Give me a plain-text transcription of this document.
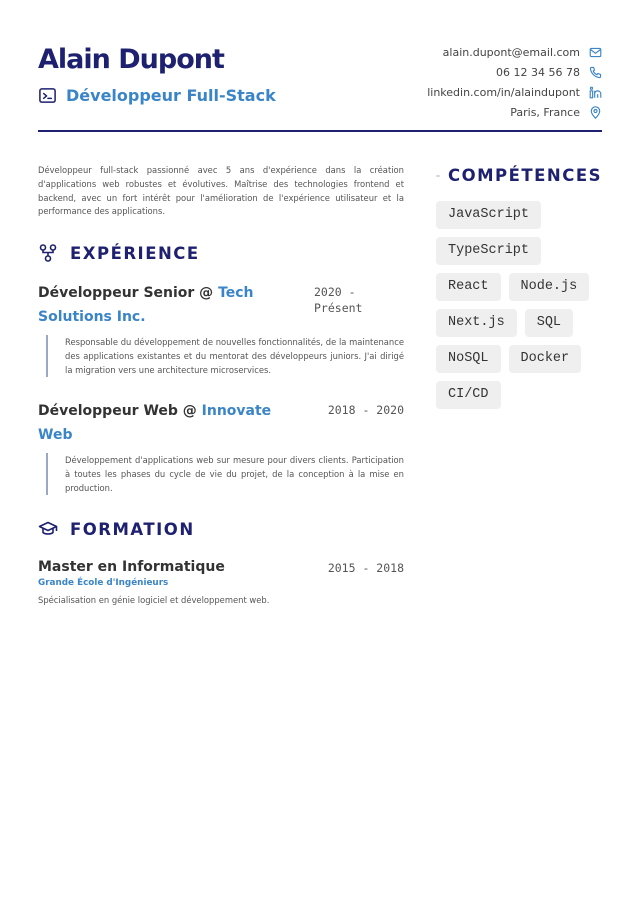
Alain Dupont
Développeur Full-Stack
alain.dupont@email.com
06 12 34 56 78
linkedin.com/in/alaindupont
Paris, France

Développeur full-stack passionné avec 5 ans d'expérience dans la création d'applications web robustes et évolutives. Maîtrise des technologies frontend et backend, avec un fort intérêt pour l'amélioration de l'expérience utilisateur et la performance des applications.

EXPÉRIENCE
Développeur Senior @ Tech Solutions Inc.
2020 - Présent
Responsable du développement de nouvelles fonctionnalités, de la maintenance des applications existantes et du mentorat des développeurs juniors. J'ai dirigé la migration vers une architecture microservices.
Développeur Web @ Innovate Web
2018 - 2020
Développement d'applications web sur mesure pour divers clients. Participation à toutes les phases du cycle de vie du projet, de la conception à la mise en production.
FORMATION
Master en Informatique	2015 - 2018
Grande École d'Ingénieurs
Spécialisation en génie logiciel et développement web.
COMPÉTENCES
JavaScript
TypeScript
React	Node.js
Next.js	SQL
NoSQL	Docker
CI/CD
